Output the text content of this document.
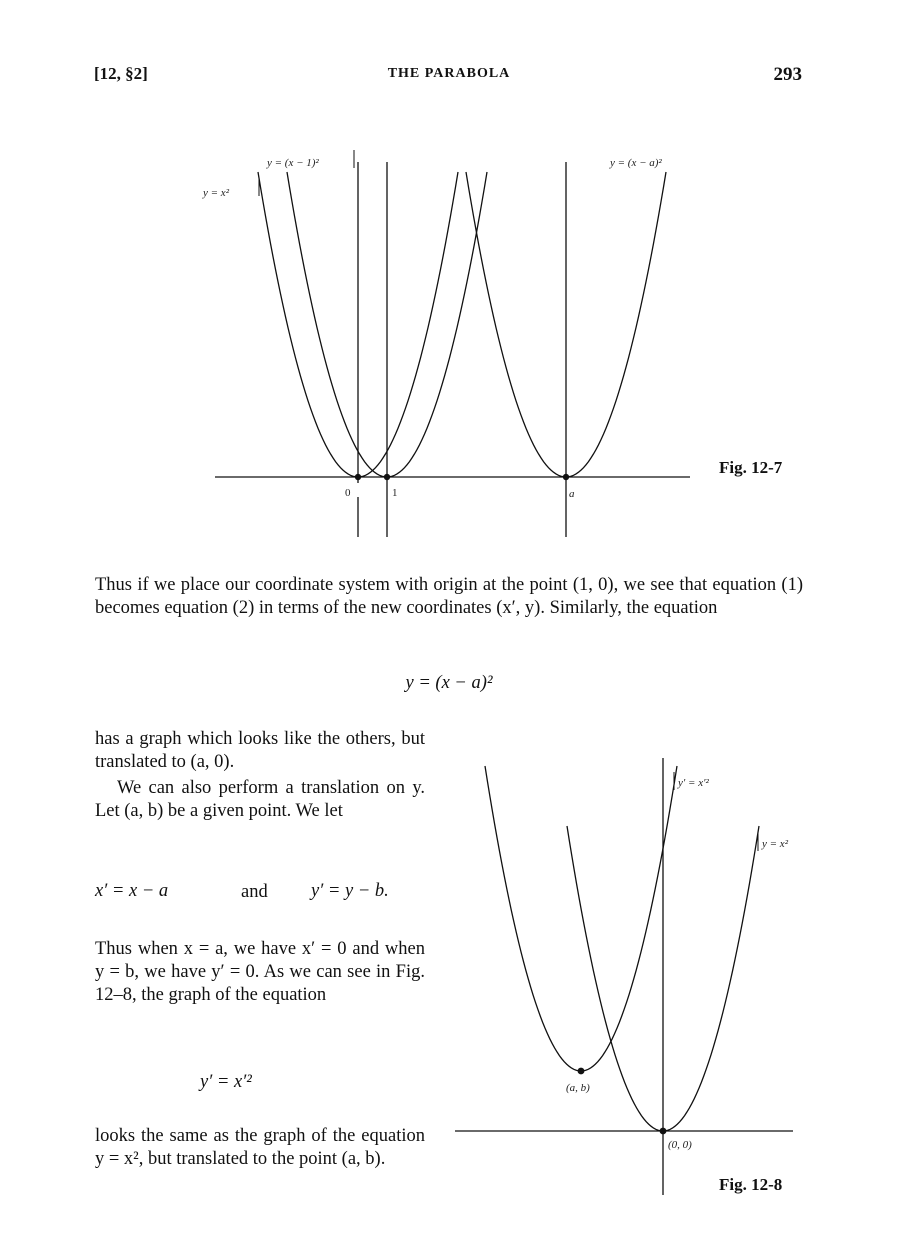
[12, §2]	THE PARABOLA	293
0	1	a
y = x²
y = (x − 1)²	y = (x − a)²
Fig. 12-7
Thus if we place our coordinate system with origin at the point (1, 0), we see that equation (1) becomes equation (2) in terms of the new coordinates (x′, y). Similarly, the equation
y = (x − a)²
has a graph which looks like the others, but translated to (a, 0).
We can also perform a translation on y. Let (a, b) be a given point. We let
x′ = x − a	and y′ = y − b.
Thus when x = a, we have x′ = 0 and when y = b, we have y′ = 0. As we can see in Fig. 12–8, the graph of the equation
y′ = x′²
looks the same as the graph of the equation y = x², but translated to the point (a, b).
y′ = x′²
y = x²
(a, b)
(0, 0)
Fig. 12-8
